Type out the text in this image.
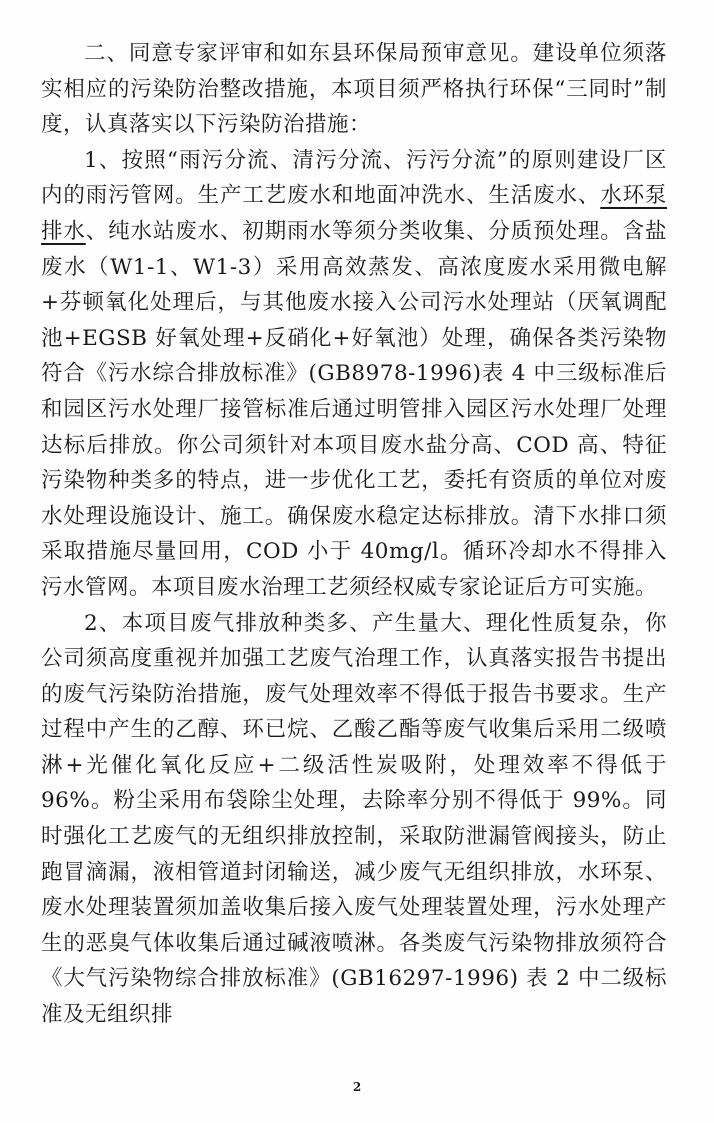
二、同意专家评审和如东县环保局预审意见。建设单位须落实相应的污染防治整改措施，本项目须严格执行环保“三同时”制度，认真落实以下污染防治措施：

1、按照“雨污分流、清污分流、污污分流”的原则建设厂区内的雨污管网。生产工艺废水和地面冲洗水、生活废水、水环泵排水、纯水站废水、初期雨水等须分类收集、分质预处理。含盐废水（W1-1、W1-3）采用高效蒸发、高浓度废水采用微电解+芬顿氧化处理后，与其他废水接入公司污水处理站（厌氧调配池+EGSB 好氧处理+反硝化+好氧池）处理，确保各类污染物符合《污水综合排放标准》(GB8978-1996)表 4 中三级标准后和园区污水处理厂接管标准后通过明管排入园区污水处理厂处理达标后排放。你公司须针对本项目废水盐分高、COD 高、特征污染物种类多的特点，进一步优化工艺，委托有资质的单位对废水处理设施设计、施工。确保废水稳定达标排放。清下水排口须采取措施尽量回用，COD 小于 40mg/l。循环冷却水不得排入污水管网。本项目废水治理工艺须经权威专家论证后方可实施。

2、本项目废气排放种类多、产生量大、理化性质复杂，你公司须高度重视并加强工艺废气治理工作，认真落实报告书提出的废气污染防治措施，废气处理效率不得低于报告书要求。生产过程中产生的乙醇、环已烷、乙酸乙酯等废气收集后采用二级喷淋+光催化氧化反应+二级活性炭吸附，处理效率不得低于 96%。粉尘采用布袋除尘处理，去除率分别不得低于 99%。同时强化工艺废气的无组织排放控制，采取防泄漏管阀接头，防止跑冒滴漏，液相管道封闭输送，减少废气无组织排放，水环泵、废水处理装置须加盖收集后接入废气处理装置处理，污水处理产生的恶臭气体收集后通过碱液喷淋。各类废气污染物排放须符合《大气污染物综合排放标准》(GB16297-1996) 表 2 中二级标准及无组织排

2
